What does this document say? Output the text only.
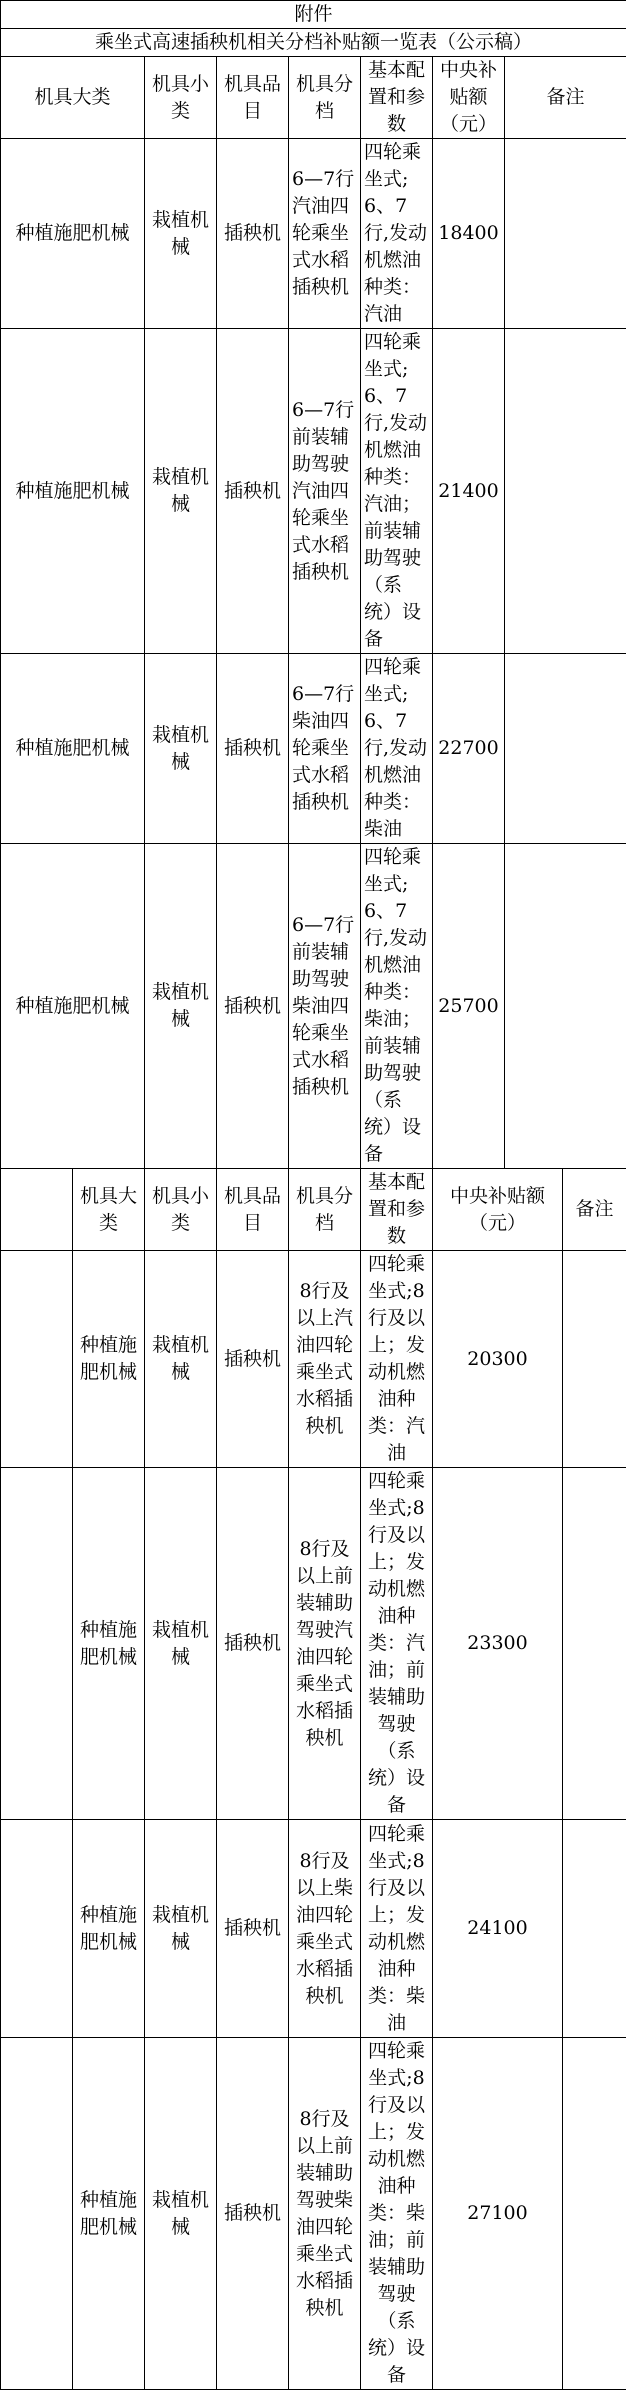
附件								
乘坐式高速插秧机相关分档补贴额一览表（公示稿）								
机具大类		机具小类	机具品目	机具分档	基本配置和参数	中央补贴额（元）	备注	
种植施肥机械		栽植机械	插秧机	6—7行汽油四轮乘坐式水稻插秧机	四轮乘坐式;6、7行,发动机燃油种类：汽油	18400		
种植施肥机械		栽植机械	插秧机	6—7行前装辅助驾驶汽油四轮乘坐式水稻插秧机	四轮乘坐式;6、7行,发动机燃油种类：汽油；前装辅助驾驶（系统）设备	21400		
种植施肥机械		栽植机械	插秧机	6—7行柴油四轮乘坐式水稻插秧机	四轮乘坐式;6、7行,发动机燃油种类：柴油	22700		
种植施肥机械		栽植机械	插秧机	6—7行前装辅助驾驶柴油四轮乘坐式水稻插秧机	四轮乘坐式;6、7行,发动机燃油种类：柴油；前装辅助驾驶（系统）设备	25700		
	机具大类	机具小类	机具品目	机具分档	基本配置和参数	中央补贴额（元）		备注
	种植施肥机械	栽植机械	插秧机	8行及以上汽油四轮乘坐式水稻插秧机	四轮乘坐式;8行及以上；发动机燃油种类：汽油	20300		
	种植施肥机械	栽植机械	插秧机	8行及以上前装辅助驾驶汽油四轮乘坐式水稻插秧机	四轮乘坐式;8行及以上；发动机燃油种类：汽油；前装辅助驾驶（系统）设备	23300		
	种植施肥机械	栽植机械	插秧机	8行及以上柴油四轮乘坐式水稻插秧机	四轮乘坐式;8行及以上；发动机燃油种类：柴油	24100		
	种植施肥机械	栽植机械	插秧机	8行及以上前装辅助驾驶柴油四轮乘坐式水稻插秧机	四轮乘坐式;8行及以上；发动机燃油种类：柴油；前装辅助驾驶（系统）设备	27100		
